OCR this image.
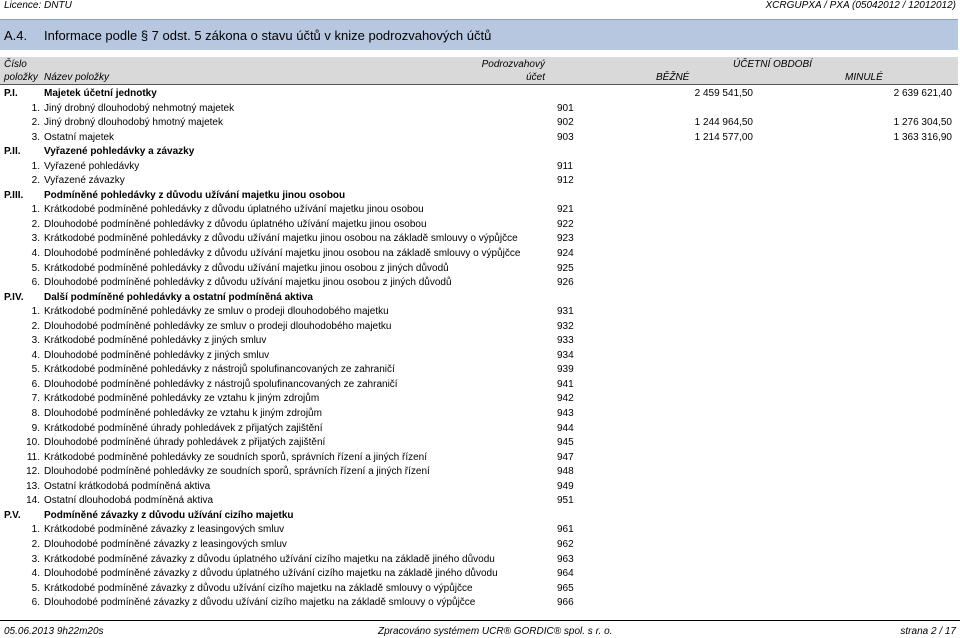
Licence: DNTU	XCRGUPXA / PXA (05042012 / 12012012)
A.4. Informace podle § 7 odst. 5 zákona o stavu účtů v knize podrozvahových účtů
Číslo
položky Název položky
Podrozvahový
účet
ÚČETNÍ OBDOBÍ
BĚŽNÉ	MINULÉ
P.I.	Majetek účetní jednotky	2 459 541,50	2 639 621,40
1. Jiný drobný dlouhodobý nehmotný majetek	901
2. Jiný drobný dlouhodobý hmotný majetek	902	1 244 964,50	1 276 304,50
3. Ostatní majetek	903	1 214 577,00	1 363 316,90
P.II. Vyřazené pohledávky a závazky
1. Vyřazené pohledávky	911
2. Vyřazené závazky	912
P.III. Podmíněné pohledávky z důvodu užívání majetku jinou osobou
1. Krátkodobé podmíněné pohledávky z důvodu úplatného užívání majetku jinou osobou	921
2. Dlouhodobé podmíněné pohledávky z důvodu úplatného užívání majetku jinou osobou	922
3. Krátkodobé podmíněné pohledávky z důvodu užívání majetku jinou osobou na základě smlouvy o výpůjčce	923
4. Dlouhodobé podmíněné pohledávky z důvodu užívání majetku jinou osobou na základě smlouvy o výpůjčce	924
5. Krátkodobé podmíněné pohledávky z důvodu užívání majetku jinou osobou z jiných důvodů	925
6. Dlouhodobé podmíněné pohledávky z důvodu užívání majetku jinou osobou z jiných důvodů	926
P.IV. Další podmíněné pohledávky a ostatní podmíněná aktiva
1. Krátkodobé podmíněné pohledávky ze smluv o prodeji dlouhodobého majetku	931
2. Dlouhodobé podmíněné pohledávky ze smluv o prodeji dlouhodobého majetku	932
3. Krátkodobé podmíněné pohledávky z jiných smluv	933
4. Dlouhodobé podmíněné pohledávky z jiných smluv	934
5. Krátkodobé podmíněné pohledávky z nástrojů spolufinancovaných ze zahraničí	939
6. Dlouhodobé podmíněné pohledávky z nástrojů spolufinancovaných ze zahraničí	941
7. Krátkodobé podmíněné pohledávky ze vztahu k jiným zdrojům	942
8. Dlouhodobé podmíněné pohledávky ze vztahu k jiným zdrojům	943
9. Krátkodobé podmíněné úhrady pohledávek z přijatých zajištění	944
10. Dlouhodobé podmíněné úhrady pohledávek z přijatých zajištění	945
11. Krátkodobé podmíněné pohledávky ze soudních sporů, správních řízení a jiných řízení	947
12. Dlouhodobé podmíněné pohledávky ze soudních sporů, správních řízení a jiných řízení	948
13. Ostatní krátkodobá podmíněná aktiva	949
14. Ostatní dlouhodobá podmíněná aktiva	951
P.V. Podmíněné závazky z důvodu užívání cizího majetku
1. Krátkodobé podmíněné závazky z leasingových smluv	961
2. Dlouhodobé podmíněné závazky z leasingových smluv	962
3. Krátkodobé podmíněné závazky z důvodu úplatného užívání cizího majetku na základě jiného důvodu	963
4. Dlouhodobé podmíněné závazky z důvodu úplatného užívání cizího majetku na základě jiného důvodu	964
5. Krátkodobé podmíněné závazky z důvodu užívání cizího majetku na základě smlouvy o výpůjčce	965
6. Dlouhodobé podmíněné závazky z důvodu užívání cizího majetku na základě smlouvy o výpůjčce	966
05.06.2013 9h22m20s	Zpracováno systémem UCR® GORDIC® spol. s r. o.	strana 2 / 17
